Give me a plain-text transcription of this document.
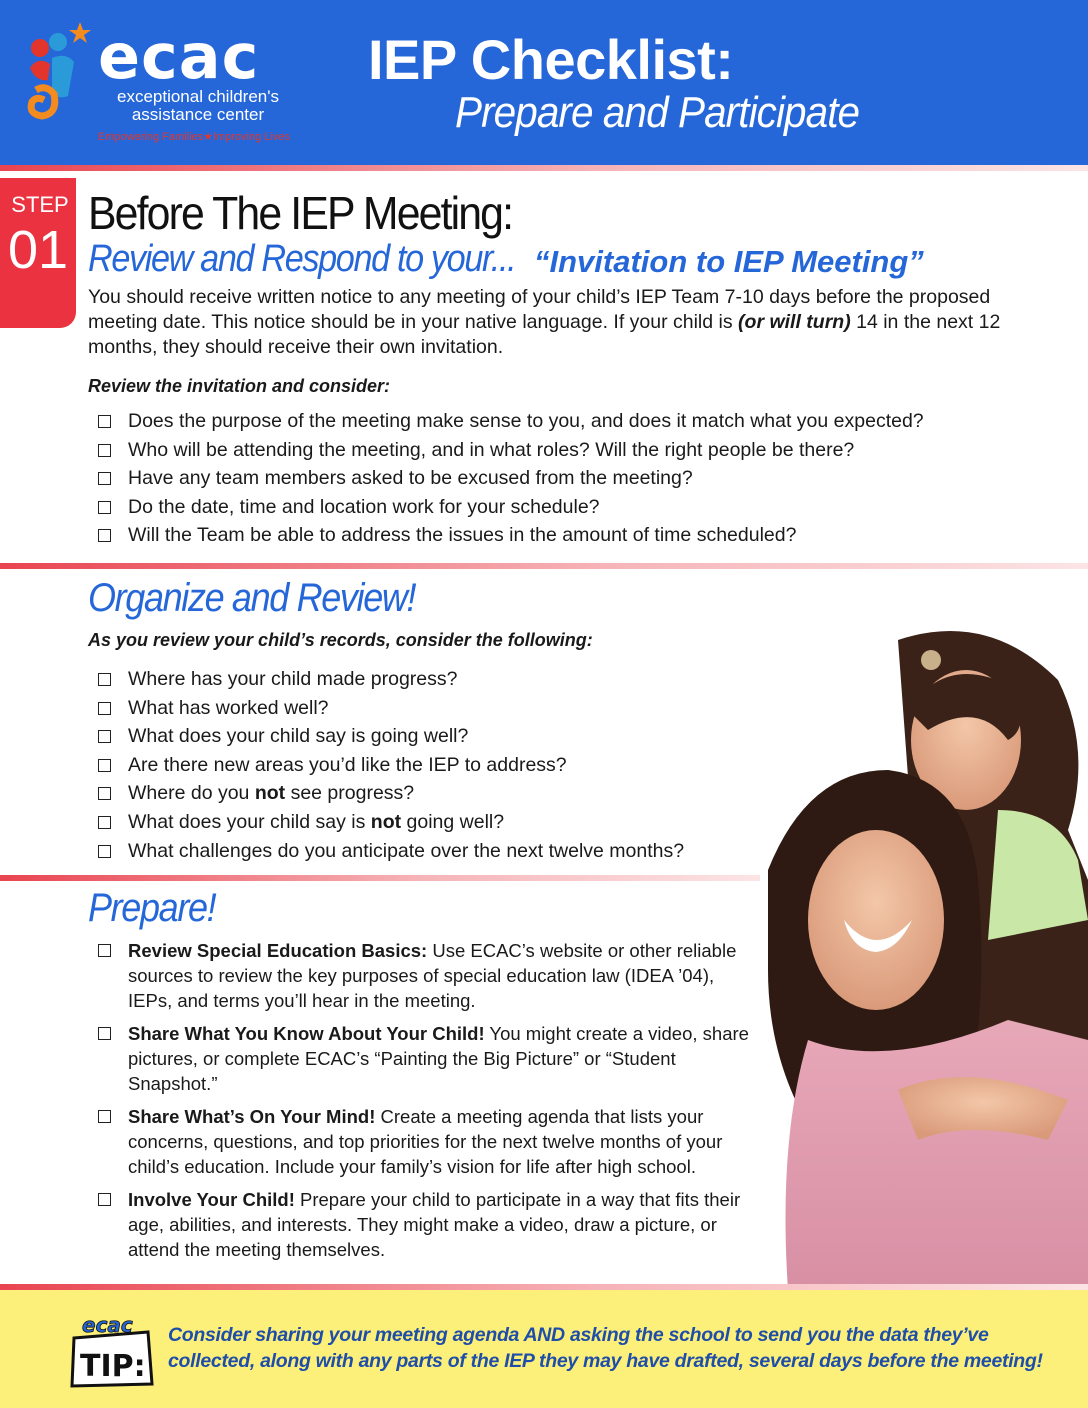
ecac
exceptional children's
assistance center
Empowering Families★Improving Lives
IEP Checklist:
Prepare and Participate
STEP
01
Before The IEP Meeting:
Review and Respond to your... “Invitation to IEP Meeting”
You should receive written notice to any meeting of your child’s IEP Team 7-10 days before the proposed meeting date. This notice should be in your native language. If your child is (or will turn) 14 in the next 12 months, they should receive their own invitation.
Review the invitation and consider:
Does the purpose of the meeting make sense to you, and does it match what you expected?
Who will be attending the meeting, and in what roles? Will the right people be there?
Have any team members asked to be excused from the meeting?
Do the date, time and location work for your schedule?
Will the Team be able to address the issues in the amount of time scheduled?
Organize and Review!
As you review your child’s records, consider the following:
Where has your child made progress?
What has worked well?
What does your child say is going well?
Are there new areas you’d like the IEP to address?
Where do you not see progress?
What does your child say is not going well?
What challenges do you anticipate over the next twelve months?
Prepare!
Review Special Education Basics: Use ECAC’s website or other reliable sources to review the key purposes of special education law (IDEA ’04), IEPs, and terms you’ll hear in the meeting.
Share What You Know About Your Child! You might create a video, share pictures, or complete ECAC’s “Painting the Big Picture” or “Student Snapshot.”
Share What’s On Your Mind! Create a meeting agenda that lists your concerns, questions, and top priorities for the next twelve months of your child’s education. Include your family’s vision for life after high school.
Involve Your Child! Prepare your child to participate in a way that fits their age, abilities, and interests. They might make a video, draw a picture, or attend the meeting themselves.
ecac
TIP:
Consider sharing your meeting agenda AND asking the school to send you the data they’ve collected, along with any parts of the IEP they may have drafted, several days before the meeting!
